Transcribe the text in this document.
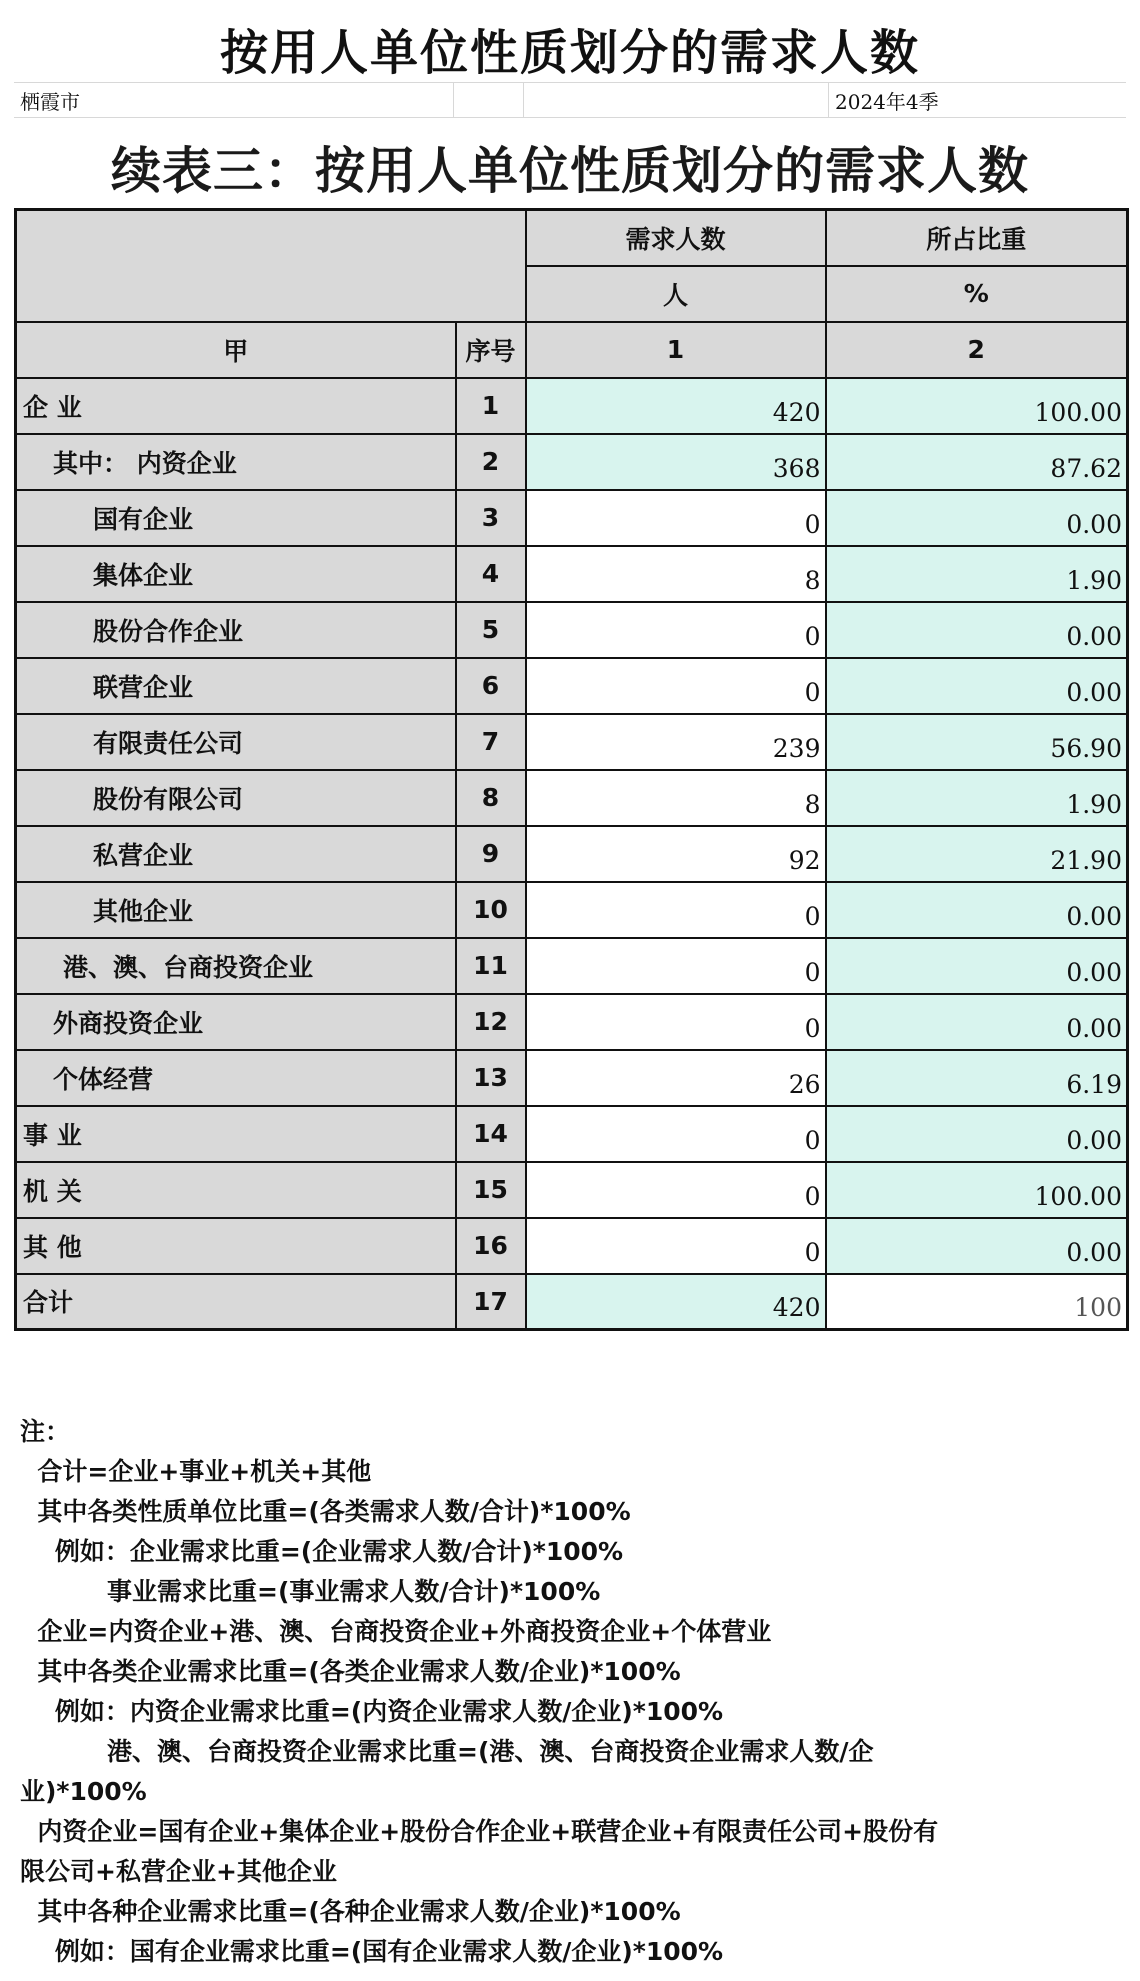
按用人单位性质划分的需求人数
栖霞市	2024年4季
续表三：按用人单位性质划分的需求人数
		需求人数	所占比重
		人	%
甲	序号	1	2
企 业	1	420	100.00
其中： 内资企业	2	368	87.62
国有企业	3	0	0.00
集体企业	4	8	1.90
股份合作企业	5	0	0.00
联营企业	6	0	0.00
有限责任公司	7	239	56.90
股份有限公司	8	8	1.90
私营企业	9	92	21.90
其他企业	10	0	0.00
港、澳、台商投资企业	11	0	0.00
外商投资企业	12	0	0.00
个体经营	13	26	6.19
事 业	14	0	0.00
机 关	15	0	100.00
其 他	16	0	0.00
合计	17	420	100
注：
合计=企业+事业+机关+其他
其中各类性质单位比重=(各类需求人数/合计)*100%
例如：企业需求比重=(企业需求人数/合计)*100%
事业需求比重=(事业需求人数/合计)*100%
企业=内资企业+港、澳、台商投资企业+外商投资企业+个体营业
其中各类企业需求比重=(各类企业需求人数/企业)*100%
例如：内资企业需求比重=(内资企业需求人数/企业)*100%
港、澳、台商投资企业需求比重=(港、澳、台商投资企业需求人数/企
业)*100%
内资企业=国有企业+集体企业+股份合作企业+联营企业+有限责任公司+股份有
限公司+私营企业+其他企业
其中各种企业需求比重=(各种企业需求人数/企业)*100%
例如：国有企业需求比重=(国有企业需求人数/企业)*100%
